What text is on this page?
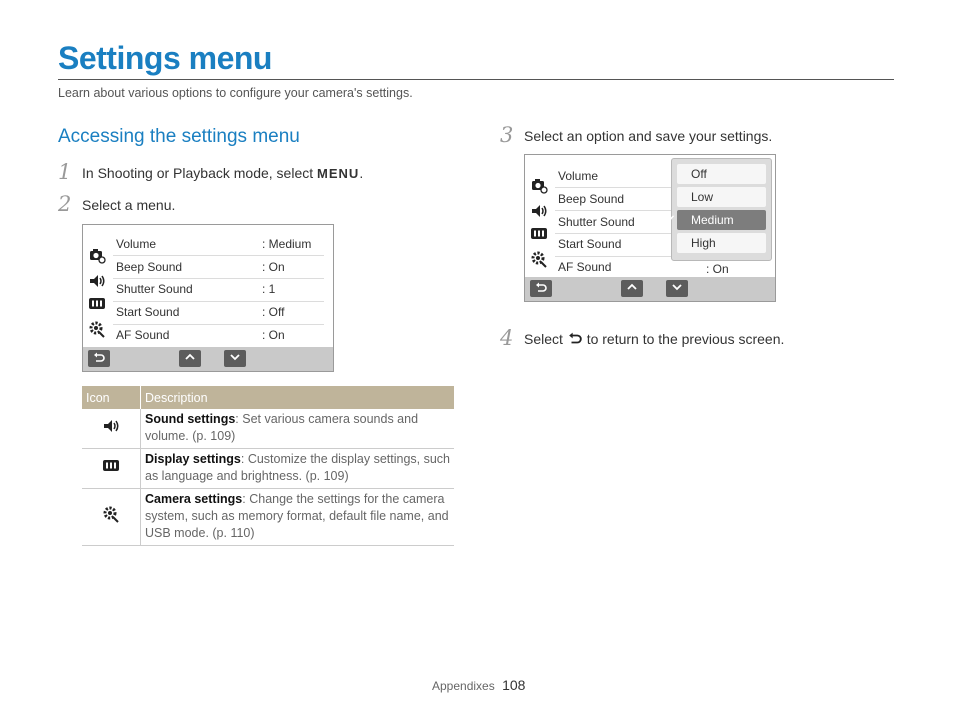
Settings menu
Learn about various options to configure your camera's settings.
Accessing the settings menu
1 In Shooting or Playback mode, select MENU.
2 Select a menu.
Volume	: Medium
Beep Sound	: On
Shutter Sound	: 1
Start Sound	: Off
AF Sound	: On
Icon	Description
	Sound settings: Set various camera sounds and volume. (p. 109)
	Display settings: Customize the display settings, such as language and brightness. (p. 109)
	Camera settings: Change the settings for the camera system, such as memory format, default file name, and USB mode. (p. 110)
3 Select an option and save your settings.
Volume
Beep Sound
Shutter Sound
Start Sound
AF Sound	: On
Off
Low
✔ Medium
High
4 Select to return to the previous screen.
Appendixes 108
